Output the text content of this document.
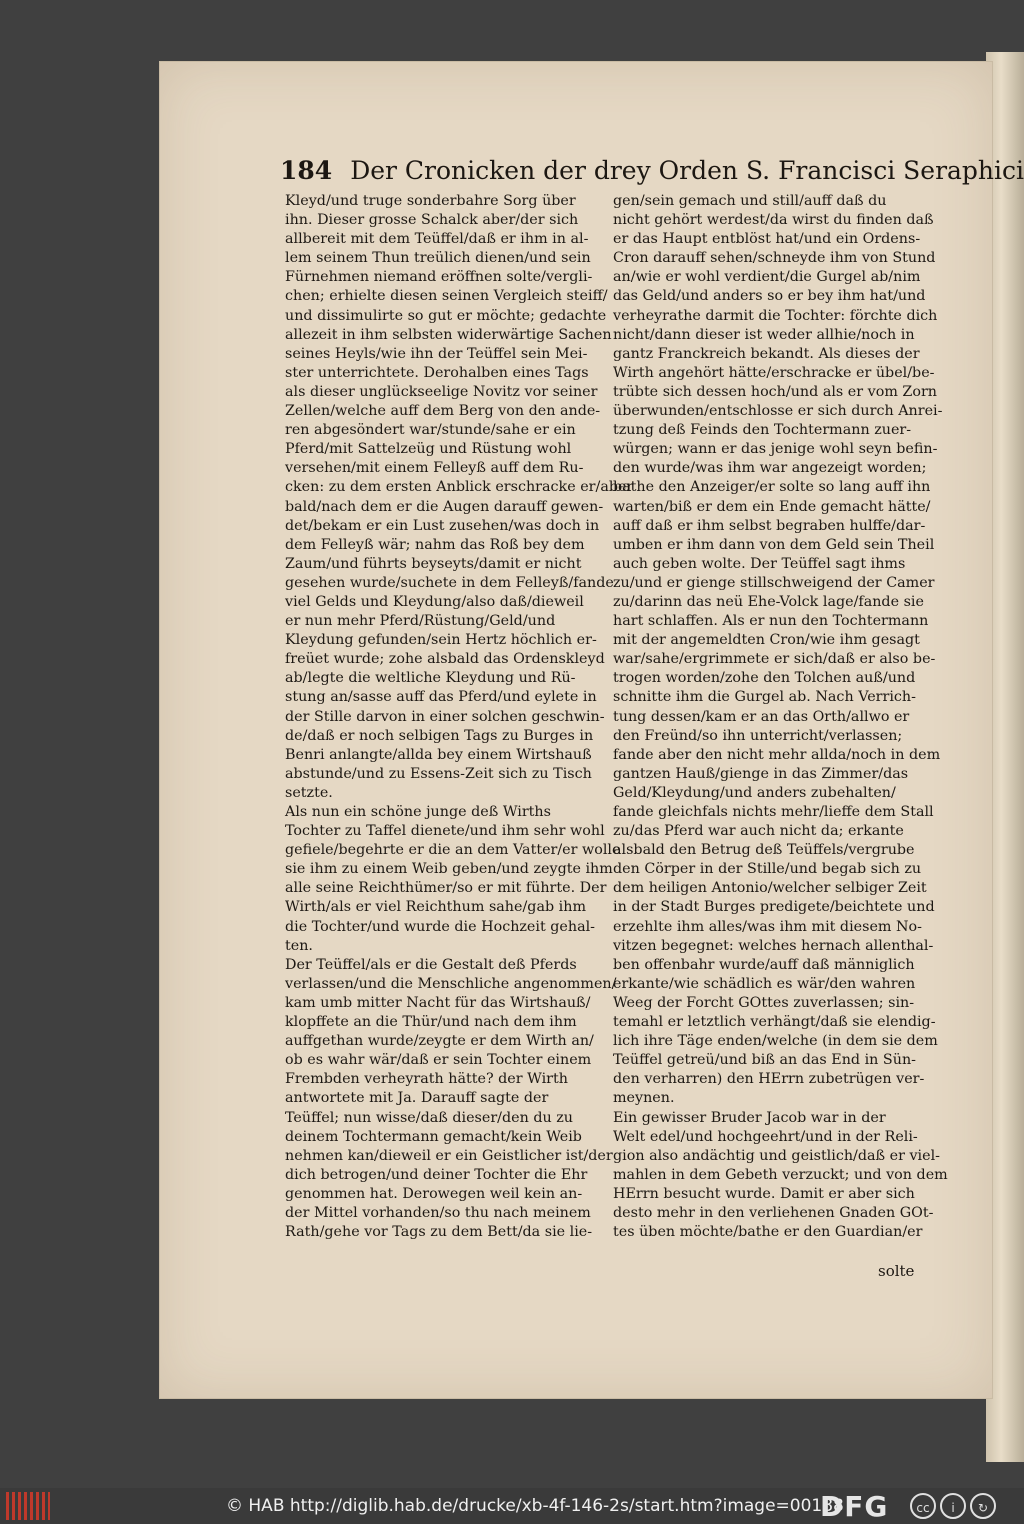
184 Der Cronicken der drey Orden S. Francisci Seraphici
Kleyd/und truge sonderbahre Sorg über
ihn. Dieser grosse Schalck aber/der sich
allbereit mit dem Teüffel/daß er ihm in al-
lem seinem Thun treülich dienen/und sein
Fürnehmen niemand eröffnen solte/vergli-
chen; erhielte diesen seinen Vergleich steiff/
und dissimulirte so gut er möchte; gedachte
allezeit in ihm selbsten widerwärtige Sachen
seines Heyls/wie ihn der Teüffel sein Mei-
ster unterrichtete. Derohalben eines Tags
als dieser unglückseelige Novitz vor seiner
Zellen/welche auff dem Berg von den ande-
ren abgesöndert war/stunde/sahe er ein
Pferd/mit Sattelzeüg und Rüstung wohl
versehen/mit einem Felleyß auff dem Ru-
cken: zu dem ersten Anblick erschracke er/aber
bald/nach dem er die Augen darauff gewen-
det/bekam er ein Lust zusehen/was doch in
dem Felleyß wär; nahm das Roß bey dem
Zaum/und führts beyseyts/damit er nicht
gesehen wurde/suchete in dem Felleyß/fande
viel Gelds und Kleydung/also daß/dieweil
er nun mehr Pferd/Rüstung/Geld/und
Kleydung gefunden/sein Hertz höchlich er-
freüet wurde; zohe alsbald das Ordenskleyd
ab/legte die weltliche Kleydung und Rü-
stung an/sasse auff das Pferd/und eylete in
der Stille darvon in einer solchen geschwin-
de/daß er noch selbigen Tags zu Burges in
Benri anlangte/allda bey einem Wirtshauß
abstunde/und zu Essens-Zeit sich zu Tisch
setzte.
Als nun ein schöne junge deß Wirths
Tochter zu Taffel dienete/und ihm sehr wohl
gefiele/begehrte er die an dem Vatter/er wolle
sie ihm zu einem Weib geben/und zeygte ihm
alle seine Reichthümer/so er mit führte. Der
Wirth/als er viel Reichthum sahe/gab ihm
die Tochter/und wurde die Hochzeit gehal-
ten.
Der Teüffel/als er die Gestalt deß Pferds
verlassen/und die Menschliche angenommen/
kam umb mitter Nacht für das Wirtshauß/
klopffete an die Thür/und nach dem ihm
auffgethan wurde/zeygte er dem Wirth an/
ob es wahr wär/daß er sein Tochter einem
Frembden verheyrath hätte? der Wirth
antwortete mit Ja. Darauff sagte der
Teüffel; nun wisse/daß dieser/den du zu
deinem Tochtermann gemacht/kein Weib
nehmen kan/dieweil er ein Geistlicher ist/der
dich betrogen/und deiner Tochter die Ehr
genommen hat. Derowegen weil kein an-
der Mittel vorhanden/so thu nach meinem
Rath/gehe vor Tags zu dem Bett/da sie lie-
gen/sein gemach und still/auff daß du
nicht gehört werdest/da wirst du finden daß
er das Haupt entblöst hat/und ein Ordens-
Cron darauff sehen/schneyde ihm von Stund
an/wie er wohl verdient/die Gurgel ab/nim
das Geld/und anders so er bey ihm hat/und
verheyrathe darmit die Tochter: förchte dich
nicht/dann dieser ist weder allhie/noch in
gantz Franckreich bekandt. Als dieses der
Wirth angehört hätte/erschracke er übel/be-
trübte sich dessen hoch/und als er vom Zorn
überwunden/entschlosse er sich durch Anrei-
tzung deß Feinds den Tochtermann zuer-
würgen; wann er das jenige wohl seyn befin-
den wurde/was ihm war angezeigt worden;
bathe den Anzeiger/er solte so lang auff ihn
warten/biß er dem ein Ende gemacht hätte/
auff daß er ihm selbst begraben hulffe/dar-
umben er ihm dann von dem Geld sein Theil
auch geben wolte. Der Teüffel sagt ihms
zu/und er gienge stillschweigend der Camer
zu/darinn das neü Ehe-Volck lage/fande sie
hart schlaffen. Als er nun den Tochtermann
mit der angemeldten Cron/wie ihm gesagt
war/sahe/ergrimmete er sich/daß er also be-
trogen worden/zohe den Tolchen auß/und
schnitte ihm die Gurgel ab. Nach Verrich-
tung dessen/kam er an das Orth/allwo er
den Freünd/so ihn unterricht/verlassen;
fande aber den nicht mehr allda/noch in dem
gantzen Hauß/gienge in das Zimmer/das
Geld/Kleydung/und anders zubehalten/
fande gleichfals nichts mehr/lieffe dem Stall
zu/das Pferd war auch nicht da; erkante
alsbald den Betrug deß Teüffels/vergrube
den Cörper in der Stille/und begab sich zu
dem heiligen Antonio/welcher selbiger Zeit
in der Stadt Burges predigete/beichtete und
erzehlte ihm alles/was ihm mit diesem No-
vitzen begegnet: welches hernach allenthal-
ben offenbahr wurde/auff daß männiglich
erkante/wie schädlich es wär/den wahren
Weeg der Forcht GOttes zuverlassen; sin-
temahl er letztlich verhängt/daß sie elendig-
lich ihre Täge enden/welche (in dem sie dem
Teüffel getreü/und biß an das End in Sün-
den verharren) den HErrn zubetrügen ver-
meynen.
Ein gewisser Bruder Jacob war in der
Welt edel/und hochgeehrt/und in der Reli-
gion also andächtig und geistlich/daß er viel-
mahlen in dem Gebeth verzuckt; und von dem
HErrn besucht wurde. Damit er aber sich
desto mehr in den verliehenen Gnaden GOt-
tes üben möchte/bathe er den Guardian/er
solte
© HAB http://diglib.hab.de/drucke/xb-4f-146-2s/start.htm?image=00188
DFG	cc	i	↻
